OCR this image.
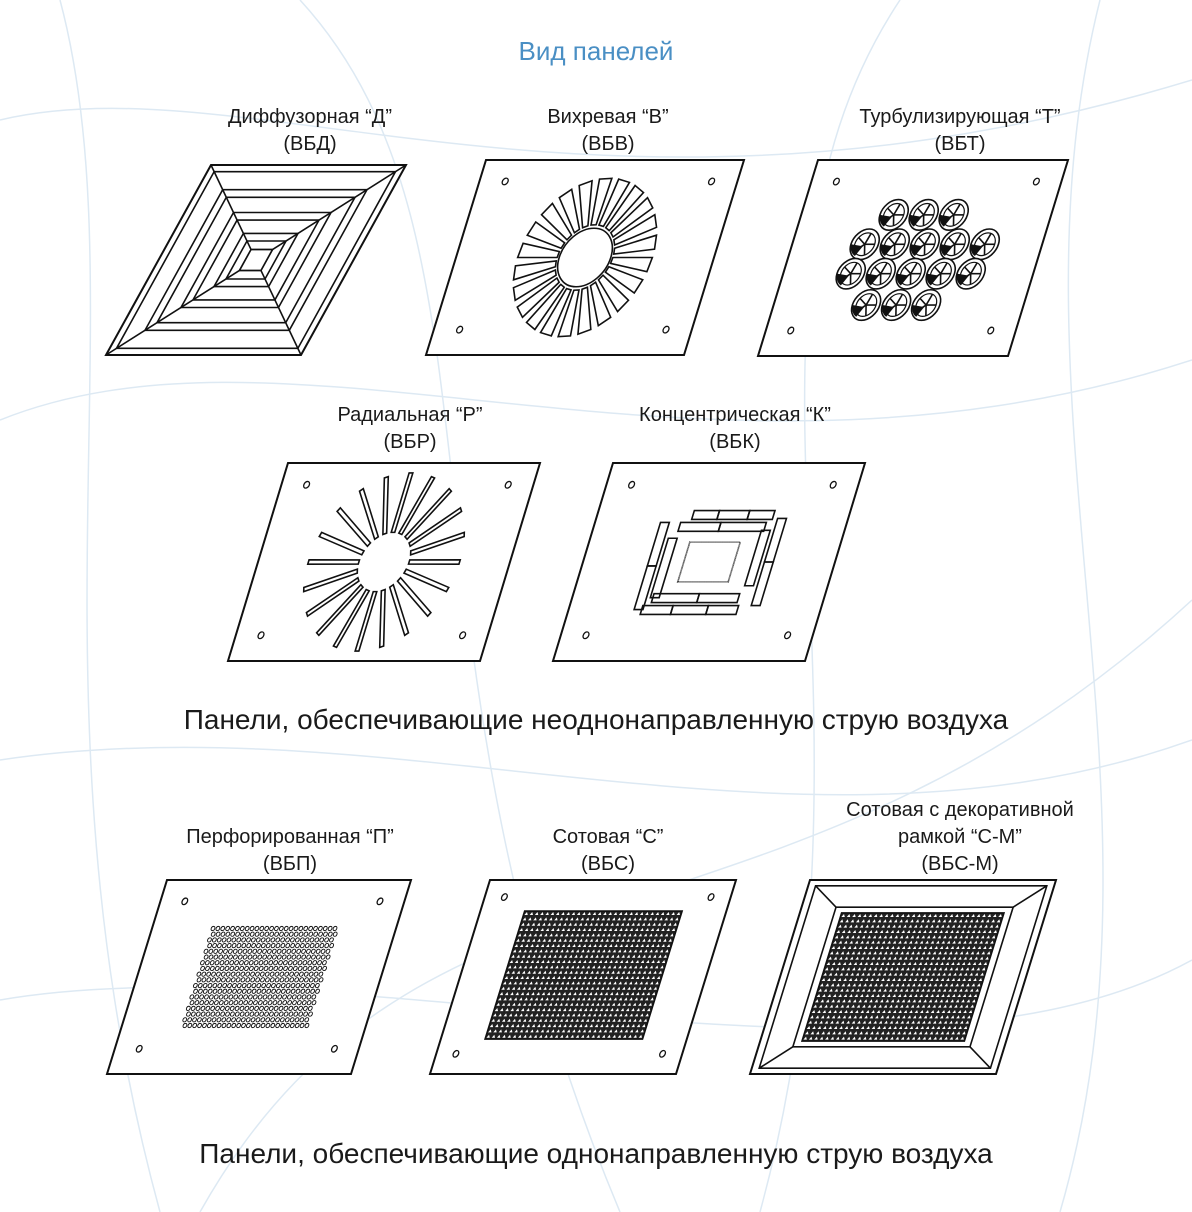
Вид панелей
Диффузорная “Д”
(ВБД)
Вихревая “В”
(ВБВ)
Турбулизирующая “Т”
(ВБТ)
Радиальная “Р”
(ВБР)
Концентрическая “К”
(ВБК)
Панели, обеспечивающие неоднонаправленную струю воздуха
Перфорированная “П”
(ВБП)
Сотовая “С”
(ВБС)
Сотовая с декоративной
рамкой “С-М”
(ВБС-М)
Панели, обеспечивающие однонаправленную струю воздуха
